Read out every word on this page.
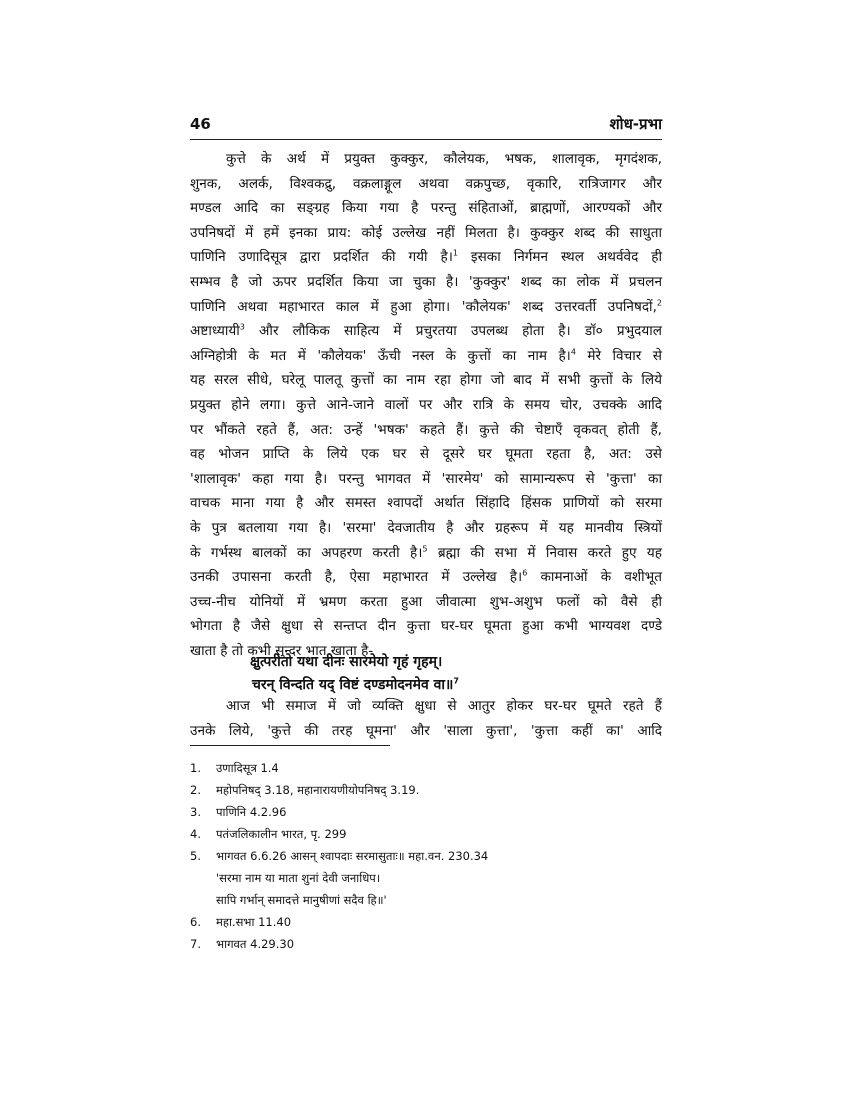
46	शोध-प्रभा
कुत्ते के अर्थ में प्रयुक्त कुक्कुर, कौलेयक, भषक, शालावृक, मृगदंशक,
शुनक, अलर्क, विश्वकद्रु, वक्रलाङ्गूल अथवा वक्रपुच्छ, वृकारि, रात्रिजागर और
मण्डल आदि का सङ्ग्रह किया गया है परन्तु संहिताओं, ब्राह्मणों, आरण्यकों और
उपनिषदों में हमें इनका प्राय: कोई उल्लेख नहीं मिलता है। कुक्कुर शब्द की साधुता
पाणिनि उणादिसूत्र द्वारा प्रदर्शित की गयी है।$^1$ इसका निर्गमन स्थल अथर्ववेद ही
सम्भव है जो ऊपर प्रदर्शित किया जा चुका है। 'कुक्कुर' शब्द का लोक में प्रचलन
पाणिनि अथवा महाभारत काल में हुआ होगा। 'कौलेयक' शब्द उत्तरवर्ती उपनिषदों,$^2$
अष्टाध्यायी$^3$ और लौकिक साहित्य में प्रचुरतया उपलब्ध होता है। डॉ० प्रभुदयाल
अग्निहोत्री के मत में 'कौलेयक' ऊँची नस्ल के कुत्तों का नाम है।$^4$ मेरे विचार से
यह सरल सीधे, घरेलू पालतू कुत्तों का नाम रहा होगा जो बाद में सभी कुत्तों के लिये
प्रयुक्त होने लगा। कुत्ते आने-जाने वालों पर और रात्रि के समय चोर, उचक्के आदि
पर भौंकते रहते हैं, अत: उन्हें 'भषक' कहते हैं। कुत्ते की चेष्टाएँ वृकवत् होती हैं,
वह भोजन प्राप्ति के लिये एक घर से दूसरे घर घूमता रहता है, अत: उसे
'शालावृक' कहा गया है। परन्तु भागवत में 'सारमेय' को सामान्यरूप से 'कुत्ता' का
वाचक माना गया है और समस्त श्वापदों अर्थात सिंहादि हिंसक प्राणियों को सरमा
के पुत्र बतलाया गया है। 'सरमा' देवजातीय है और ग्रहरूप में यह मानवीय स्त्रियों
के गर्भस्थ बालकों का अपहरण करती है।$^5$ ब्रह्मा की सभा में निवास करते हुए यह
उनकी उपासना करती है, ऐसा महाभारत में उल्लेख है।$^6$ कामनाओं के वशीभूत
उच्च-नीच योनियों में भ्रमण करता हुआ जीवात्मा शुभ-अशुभ फलों को वैसे ही
भोगता है जैसे क्षुधा से सन्तप्त दीन कुत्ता घर-घर घूमता हुआ कभी भाग्यवश दण्डे
खाता है तो कभी सुन्दर भात खाता है-
क्षुत्परीतो यथा दीनः सारमेयो गृहं गृहम्।
चरन् विन्दति यद् विष्टं दण्डमोदनमेव वा॥$^7$
आज भी समाज में जो व्यक्ति क्षुधा से आतुर होकर घर-घर घूमते रहते हैं
उनके लिये, 'कुत्ते की तरह घूमना' और 'साला कुत्ता', 'कुत्ता कहीं का' आदि
1.	उणादिसूत्र 1.4
2.	महोपनिषद् 3.18, महानारायणीयोपनिषद् 3.19.
3.	पाणिनि 4.2.96
4.	पतंजलिकालीन भारत, पृ. 299
5.	भागवत 6.6.26 आसन् श्वापदाः सरमासुताः॥ महा.वन. 230.34
'सरमा नाम या माता शुनां देवी जनाधिप।
सापि गर्भान् समादत्ते मानुषीणां सदैव हि॥'
6.	महा.सभा 11.40
7.	भागवत 4.29.30
